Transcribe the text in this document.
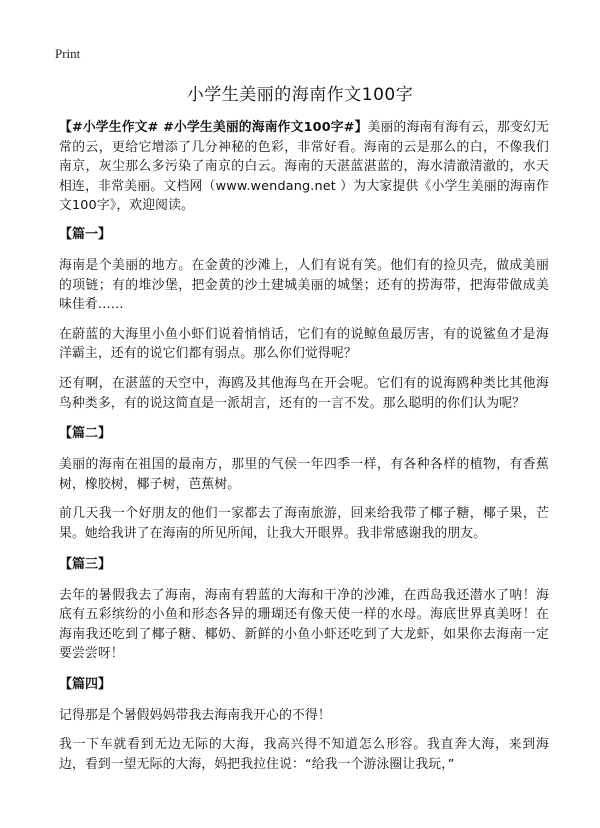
Print
小学生美丽的海南作文100字

【#小学生作文# #小学生美丽的海南作文100字#】美丽的海南有海有云，那变幻无常的云，更给它增添了几分神秘的色彩，非常好看。海南的云是那么的白，不像我们南京，灰尘那么多污染了南京的白云。海南的天湛蓝湛蓝的，海水清澈清澈的，水天相连，非常美丽。文档网（www.wendang.net ）为大家提供《小学生美丽的海南作文100字》，欢迎阅读。

【篇一】

海南是个美丽的地方。在金黄的沙滩上，人们有说有笑。他们有的捡贝壳，做成美丽的项链；有的堆沙堡，把金黄的沙土建城美丽的城堡；还有的捞海带，把海带做成美味佳肴……

在蔚蓝的大海里小鱼小虾们说着悄悄话，它们有的说鲸鱼最厉害，有的说鲨鱼才是海洋霸主，还有的说它们都有弱点。那么你们觉得呢？

还有啊，在湛蓝的天空中，海鸥及其他海鸟在开会呢。它们有的说海鸥种类比其他海鸟种类多，有的说这简直是一派胡言，还有的一言不发。那么聪明的你们认为呢？

【篇二】

美丽的海南在祖国的最南方，那里的气侯一年四季一样，有各种各样的植物，有香蕉树，橡胶树，椰子树，芭蕉树。

前几天我一个好朋友的他们一家都去了海南旅游，回来给我带了椰子糖，椰子果，芒果。她给我讲了在海南的所见所闻，让我大开眼界。我非常感谢我的朋友。

【篇三】

去年的暑假我去了海南，海南有碧蓝的大海和干净的沙滩，在西岛我还潜水了呐！海底有五彩缤纷的小鱼和形态各异的珊瑚还有像天使一样的水母。海底世界真美呀！在海南我还吃到了椰子糖、椰奶、新鲜的小鱼小虾还吃到了大龙虾，如果你去海南一定要尝尝呀！

【篇四】

记得那是个暑假妈妈带我去海南我开心的不得！

我一下车就看到无边无际的大海，我高兴得不知道怎么形容。我直奔大海，来到海边，看到一望无际的大海，妈把我拉住说：“给我一个游泳圈让我玩，”
